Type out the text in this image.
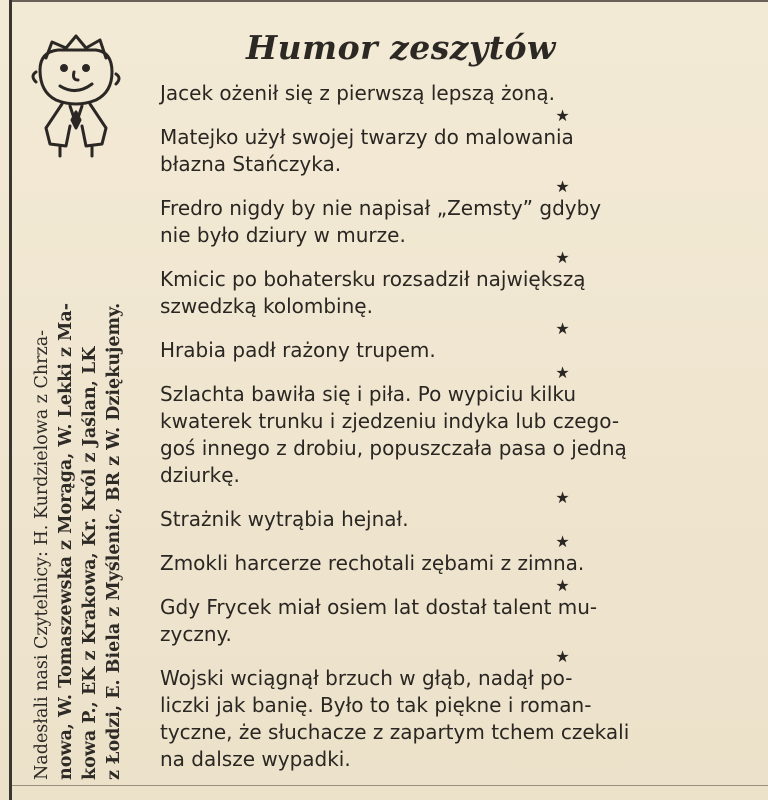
Humor zeszytów
Nadesłali nasi Czytelnicy: H. Kurdzielowa z Chrza- nowa, W. Tomaszewska z Morąga, W. Lekki z Ma- kowa P., EK z Krakowa, Kr. Król z Jaślan, LK z Łodzi, E. Biela z Myślenic, BR z W. Dziękujemy.

Jacek ożenił się z pierwszą lepszą żoną.

★

Matejko użył swojej twarzy do malowania
błazna Stańczyka.

★

Fredro nigdy by nie napisał „Zemsty” gdyby
nie było dziury w murze.

★

Kmicic po bohatersku rozsadził największą
szwedzką kolombinę.

★

Hrabia padł rażony trupem.

★

Szlachta bawiła się i piła. Po wypiciu kilku
kwaterek trunku i zjedzeniu indyka lub czego-
goś innego z drobiu, popuszczała pasa o jedną
dziurkę.

★

Strażnik wytrąbia hejnał.

★

Zmokli harcerze rechotali zębami z zimna.

★

Gdy Frycek miał osiem lat dostał talent mu-
zyczny.

★

Wojski wciągnął brzuch w głąb, nadął po-
liczki jak banię. Było to tak piękne i roman-
tyczne, że słuchacze z zapartym tchem czekali
na dalsze wypadki.
